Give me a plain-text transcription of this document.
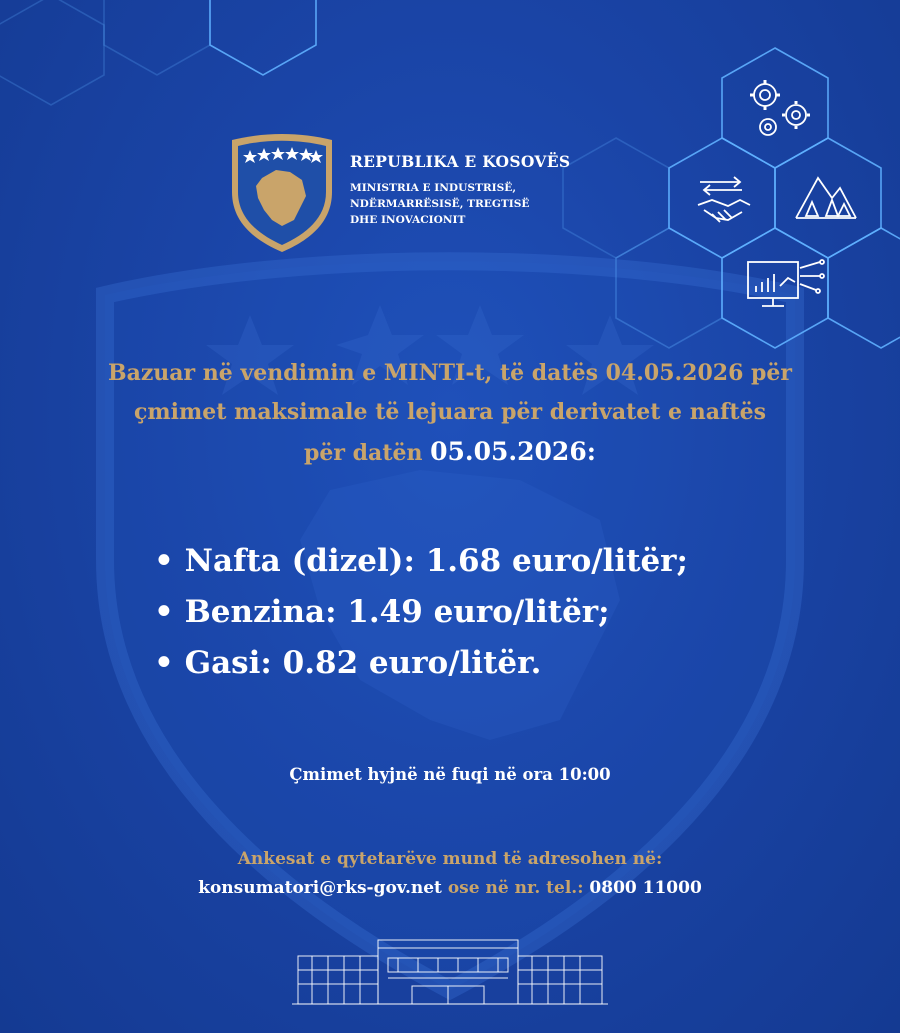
REPUBLIKA E KOSOVËS
MINISTRIA E INDUSTRISË,
NDËRMARRËSISË, TREGTISË
DHE INOVACIONIT
Bazuar në vendimin e MINTI-t, të datës 04.05.2026 për
çmimet maksimale të lejuara për derivatet e naftës
për datën 05.05.2026:
• Nafta (dizel): 1.68 euro/litër;
• Benzina: 1.49 euro/litër;
• Gasi: 0.82 euro/litër.
Çmimet hyjnë në fuqi në ora 10:00
Ankesat e qytetarëve mund të adresohen në:
konsumatori@rks-gov.net ose në nr. tel.: 0800 11000
